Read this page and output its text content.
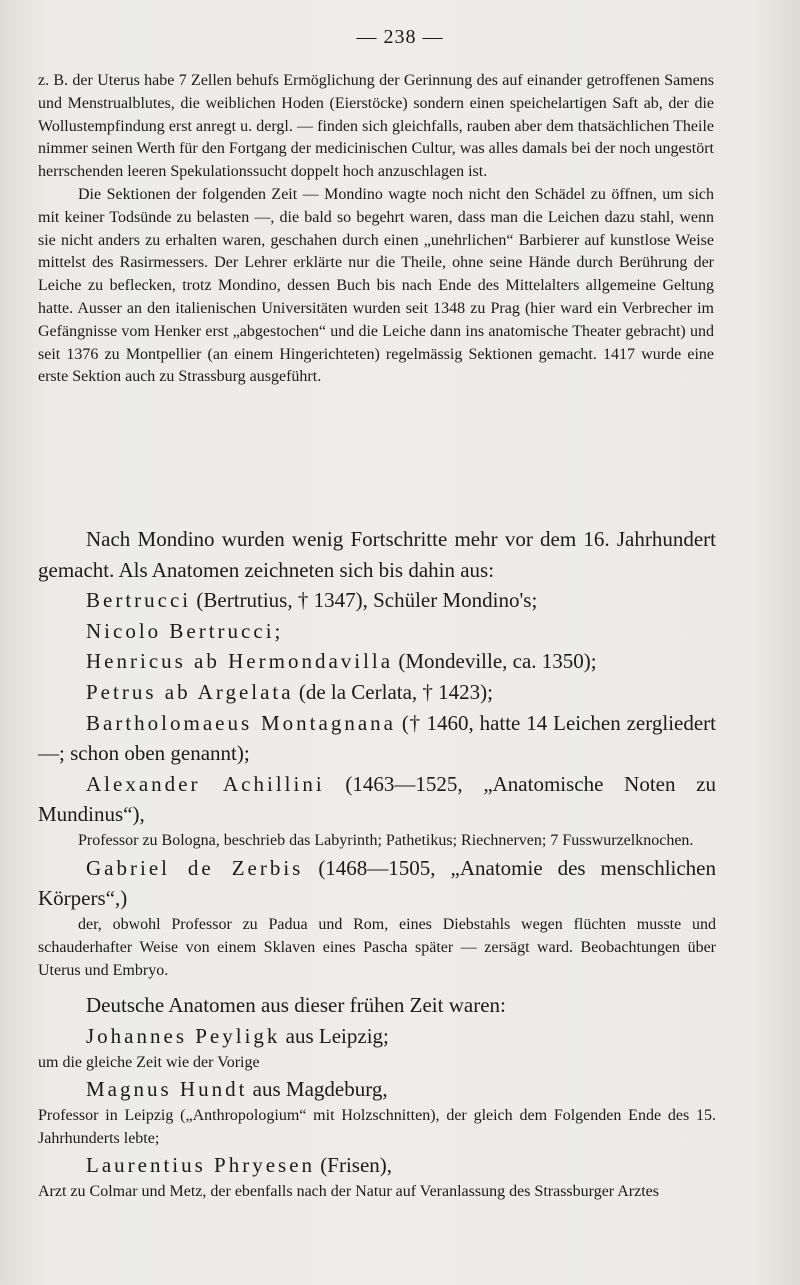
— 238 —

z. B. der Uterus habe 7 Zellen behufs Ermöglichung der Gerinnung des auf einander getroffenen Samens und Menstrualblutes, die weiblichen Hoden (Eierstöcke) sondern einen speichelartigen Saft ab, der die Wollustempfindung erst anregt u. dergl. — finden sich gleichfalls, rauben aber dem thatsächlichen Theile nimmer seinen Werth für den Fortgang der medicinischen Cultur, was alles damals bei der noch ungestört herrschenden leeren Spekulationssucht doppelt hoch anzuschlagen ist.

Die Sektionen der folgenden Zeit — Mondino wagte noch nicht den Schädel zu öffnen, um sich mit keiner Todsünde zu belasten —, die bald so begehrt waren, dass man die Leichen dazu stahl, wenn sie nicht anders zu erhalten waren, geschahen durch einen „unehrlichen“ Barbierer auf kunstlose Weise mittelst des Rasirmessers. Der Lehrer erklärte nur die Theile, ohne seine Hände durch Berührung der Leiche zu beflecken, trotz Mondino, dessen Buch bis nach Ende des Mittelalters allgemeine Geltung hatte. Ausser an den italienischen Universitäten wurden seit 1348 zu Prag (hier ward ein Verbrecher im Gefängnisse vom Henker erst „abgestochen“ und die Leiche dann ins anatomische Theater gebracht) und seit 1376 zu Montpellier (an einem Hingerichteten) regelmässig Sektionen gemacht. 1417 wurde eine erste Sektion auch zu Strassburg ausgeführt.

Nach Mondino wurden wenig Fortschritte mehr vor dem 16. Jahrhundert gemacht. Als Anatomen zeichneten sich bis dahin aus:

Bertrucci (Bertrutius, † 1347), Schüler Mondino's;

Nicolo Bertrucci;

Henricus ab Hermondavilla (Mondeville, ca. 1350);

Petrus ab Argelata (de la Cerlata, † 1423);

Bartholomaeus Montagnana († 1460, hatte 14 Leichen zergliedert —; schon oben genannt);

Alexander Achillini (1463—1525, „Anatomische Noten zu Mundinus“),

Professor zu Bologna, beschrieb das Labyrinth; Pathetikus; Riechnerven; 7 Fusswurzelknochen.

Gabriel de Zerbis (1468—1505, „Anatomie des menschlichen Körpers“,)

der, obwohl Professor zu Padua und Rom, eines Diebstahls wegen flüchten musste und schauderhafter Weise von einem Sklaven eines Pascha später — zersägt ward. Beobachtungen über Uterus und Embryo.

Deutsche Anatomen aus dieser frühen Zeit waren:

Johannes Peyligk aus Leipzig;

um die gleiche Zeit wie der Vorige

Magnus Hundt aus Magdeburg,

Professor in Leipzig („Anthropologium“ mit Holzschnitten), der gleich dem Folgenden Ende des 15. Jahrhunderts lebte;

Laurentius Phryesen (Frisen),

Arzt zu Colmar und Metz, der ebenfalls nach der Natur auf Veranlassung des Strassburger Arztes
